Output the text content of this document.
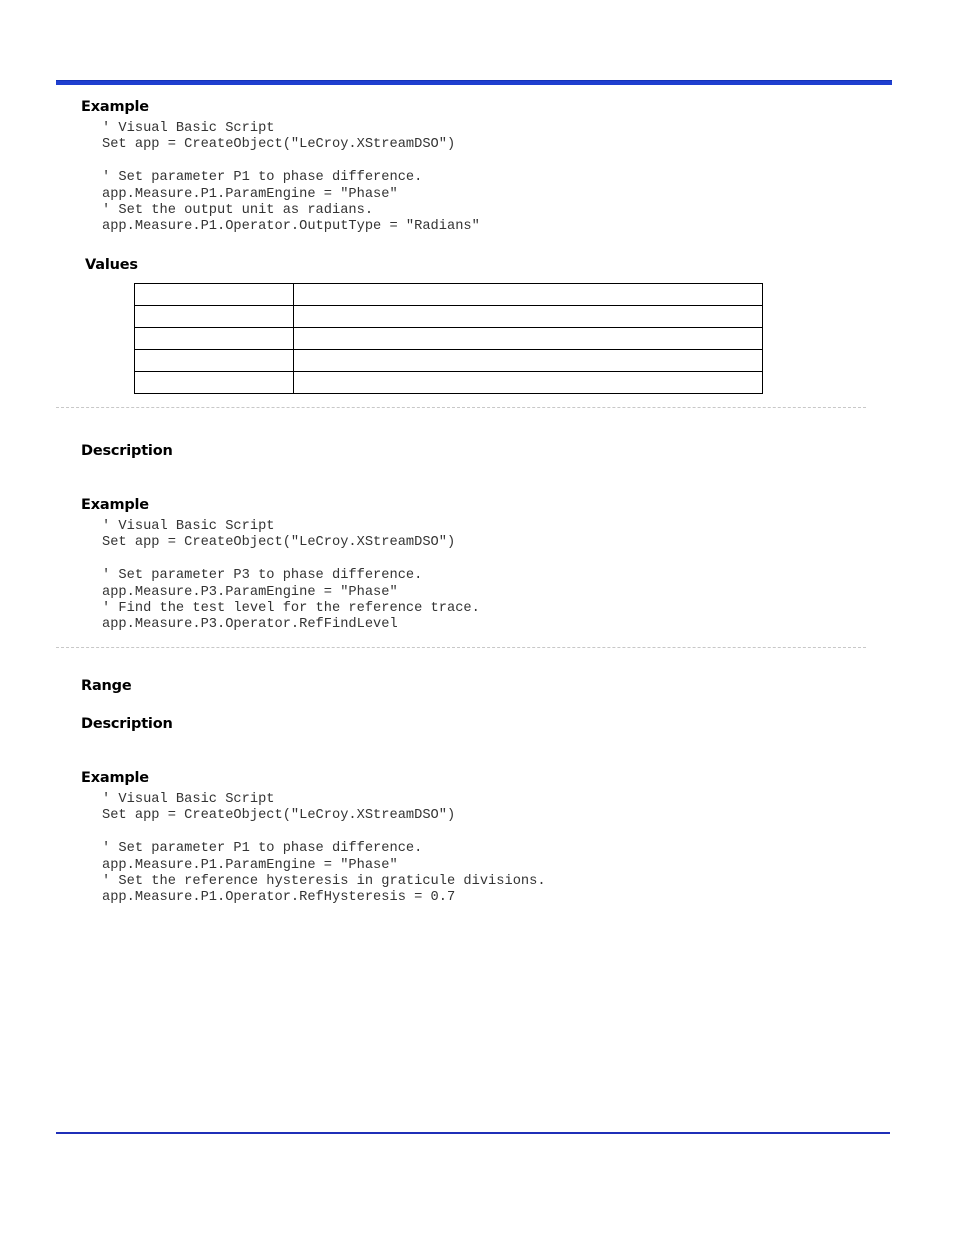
Example
' Visual Basic Script
Set app = CreateObject("LeCroy.XStreamDSO")
' Set parameter P1 to phase difference.
app.Measure.P1.ParamEngine = "Phase"
' Set the output unit as radians.
app.Measure.P1.Operator.OutputType = "Radians"
Values

Description
Example
' Visual Basic Script
Set app = CreateObject("LeCroy.XStreamDSO")
' Set parameter P3 to phase difference.
app.Measure.P3.ParamEngine = "Phase"
' Find the test level for the reference trace.
app.Measure.P3.Operator.RefFindLevel
Range
Description
Example
' Visual Basic Script
Set app = CreateObject("LeCroy.XStreamDSO")
' Set parameter P1 to phase difference.
app.Measure.P1.ParamEngine = "Phase"
' Set the reference hysteresis in graticule divisions.
app.Measure.P1.Operator.RefHysteresis = 0.7
